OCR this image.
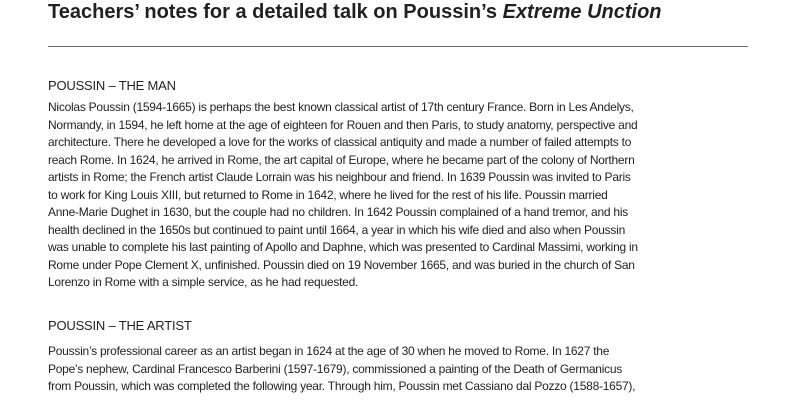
Teachers’ notes for a detailed talk on Poussin’s Extreme Unction
POUSSIN – THE MAN
Nicolas Poussin (1594-1665) is perhaps the best known classical artist of 17th century France. Born in Les Andelys,
Normandy, in 1594, he left home at the age of eighteen for Rouen and then Paris, to study anatomy, perspective and
architecture. There he developed a love for the works of classical antiquity and made a number of failed attempts to
reach Rome. In 1624, he arrived in Rome, the art capital of Europe, where he became part of the colony of Northern
artists in Rome; the French artist Claude Lorrain was his neighbour and friend. In 1639 Poussin was invited to Paris
to work for King Louis XIII, but returned to Rome in 1642, where he lived for the rest of his life. Poussin married
Anne-Marie Dughet in 1630, but the couple had no children. In 1642 Poussin complained of a hand tremor, and his
health declined in the 1650s but continued to paint until 1664, a year in which his wife died and also when Poussin
was unable to complete his last painting of Apollo and Daphne, which was presented to Cardinal Massimi, working in
Rome under Pope Clement X, unfinished. Poussin died on 19 November 1665, and was buried in the church of San
Lorenzo in Rome with a simple service, as he had requested.
POUSSIN – THE ARTIST
Poussin’s professional career as an artist began in 1624 at the age of 30 when he moved to Rome. In 1627 the
Pope’s nephew, Cardinal Francesco Barberini (1597-1679), commissioned a painting of the Death of Germanicus
from Poussin, which was completed the following year. Through him, Poussin met Cassiano dal Pozzo (1588-1657),
